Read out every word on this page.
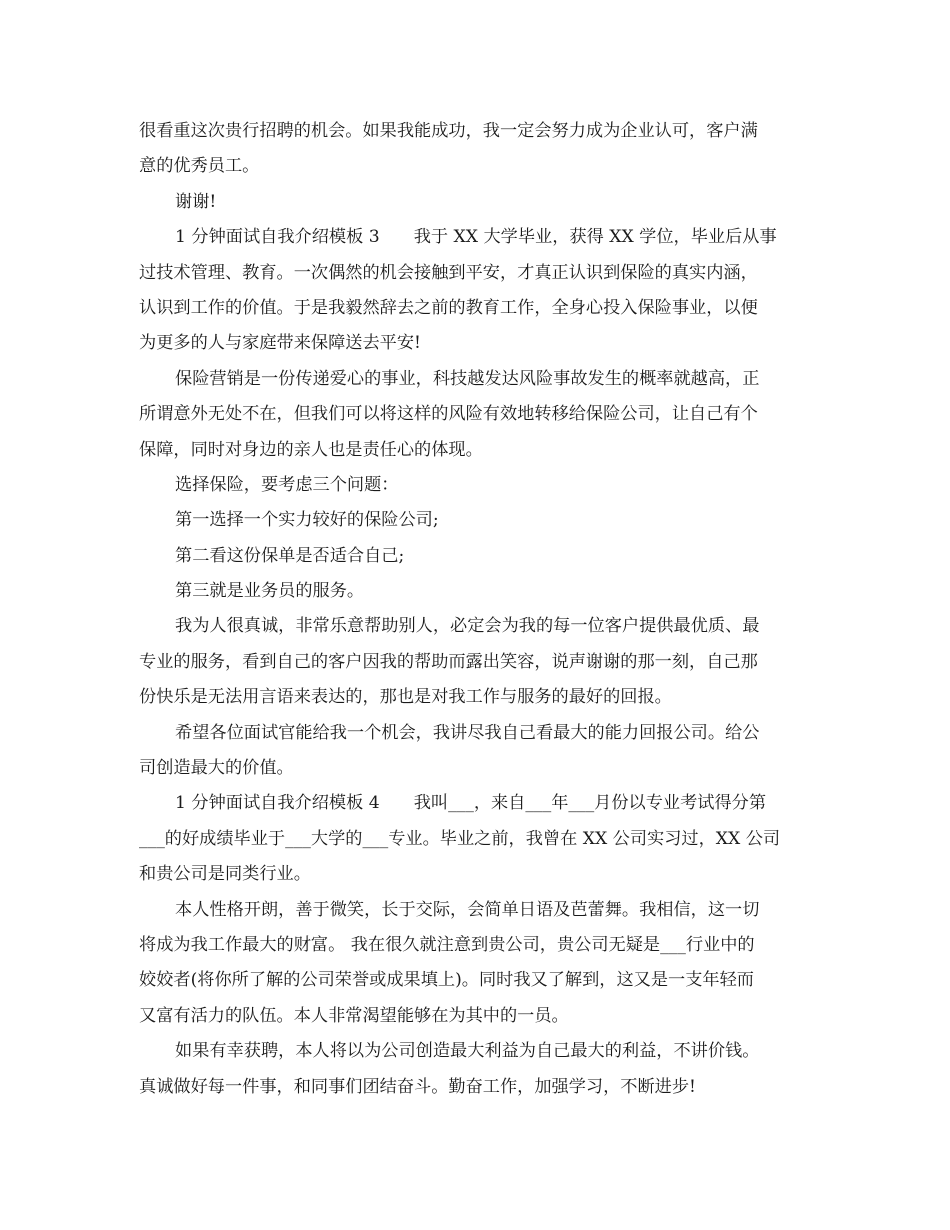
很看重这次贵行招聘的机会。如果我能成功，我一定会努力成为企业认可，客户满
意的优秀员工。
谢谢!
1 分钟面试自我介绍模板 3 我于 XX 大学毕业，获得 XX 学位，毕业后从事
过技术管理、教育。一次偶然的机会接触到平安，才真正认识到保险的真实内涵，
认识到工作的价值。于是我毅然辞去之前的教育工作，全身心投入保险事业，以便
为更多的人与家庭带来保障送去平安!
保险营销是一份传递爱心的事业，科技越发达风险事故发生的概率就越高，正
所谓意外无处不在，但我们可以将这样的风险有效地转移给保险公司，让自己有个
保障，同时对身边的亲人也是责任心的体现。
选择保险，要考虑三个问题：
第一选择一个实力较好的保险公司;
第二看这份保单是否适合自己;
第三就是业务员的服务。
我为人很真诚，非常乐意帮助别人，必定会为我的每一位客户提供最优质、最
专业的服务，看到自己的客户因我的帮助而露出笑容，说声谢谢的那一刻，自己那
份快乐是无法用言语来表达的，那也是对我工作与服务的最好的回报。
希望各位面试官能给我一个机会，我讲尽我自己看最大的能力回报公司。给公
司创造最大的价值。
1 分钟面试自我介绍模板 4 我叫___，来自___年___月份以专业考试得分第
___的好成绩毕业于___大学的___专业。毕业之前，我曾在 XX 公司实习过，XX 公司
和贵公司是同类行业。
本人性格开朗，善于微笑，长于交际，会简单日语及芭蕾舞。我相信，这一切
将成为我工作最大的财富。 我在很久就注意到贵公司，贵公司无疑是___行业中的
姣姣者(将你所了解的公司荣誉或成果填上)。同时我又了解到，这又是一支年轻而
又富有活力的队伍。本人非常渴望能够在为其中的一员。
如果有幸获聘，本人将以为公司创造最大利益为自己最大的利益，不讲价钱。
真诚做好每一件事，和同事们团结奋斗。勤奋工作，加强学习，不断进步!
